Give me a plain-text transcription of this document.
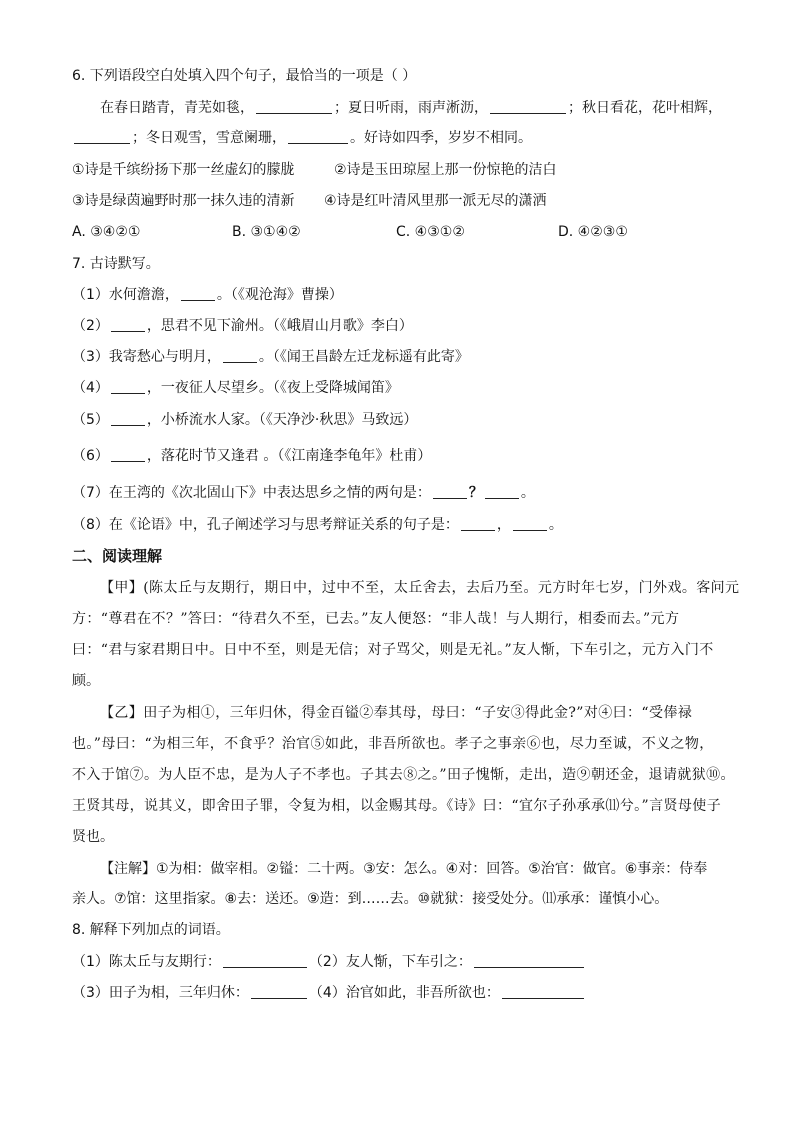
6. 下列语段空白处填入四个句子，最恰当的一项是（ ）
在春日踏青，青芜如毯，	；夏日听雨，雨声淅沥，	；秋日看花，花叶相辉，
；冬日观雪，雪意阑珊，	。好诗如四季，岁岁不相同。
①诗是千缤纷扬下那一丝虚幻的朦胧	②诗是玉田琼屋上那一份惊艳的洁白
③诗是绿茵遍野时那一抹久违的清新 ④诗是红叶清风里那一派无尽的潇洒
A. ③④②①	B. ③①④②	C. ④③①②	D. ④②③①
7. 古诗默写。
（1）水何澹澹，	。（《观沧海》曹操）
（2）	，思君不见下渝州。（《峨眉山月歌》李白）
（3）我寄愁心与明月，	。（《闻王昌龄左迁龙标遥有此寄》
（4）	，一夜征人尽望乡。（《夜上受降城闻笛》
（5）	，小桥流水人家。（《天净沙·秋思》马致远）
（6）	，落花时节又逢君 。（《江南逢李龟年》杜甫）
（7）在王湾的《次北固山下》中表达思乡之情的两句是：	？	。
（8）在《论语》中，孔子阐述学习与思考辩证关系的句子是：	，	。
二、阅读理解
【甲】(陈太丘与友期行，期日中，过中不至，太丘舍去，去后乃至。元方时年七岁，门外戏。客问元
方：“尊君在不？”答曰：“待君久不至，已去。”友人便怒：“非人哉！与人期行，相委而去。”元方
曰：“君与家君期日中。日中不至，则是无信；对子骂父，则是无礼。”友人惭，下车引之，元方入门不
顾。
【乙】田子为相①，三年归休，得金百镒②奉其母，母曰：“子安③得此金?”对④曰：“受俸禄
也。”母曰：“为相三年，不食乎？治官⑤如此，非吾所欲也。孝子之事亲⑥也，尽力至诚，不义之物，
不入于馆⑦。为人臣不忠，是为人子不孝也。子其去⑧之。”田子愧惭，走出，造⑨朝还金，退请就狱⑩。
王贤其母，说其义，即舍田子罪，令复为相，以金赐其母。《诗》曰：“宜尔子孙承承⑾兮。”言贤母使子
贤也。
【注解】①为相：做宰相。②镒：二十两。③安：怎么。④对：回答。⑤治官：做官。⑥事亲：侍奉
亲人。⑦馆：这里指家。⑧去：送还。⑨造：到……去。⑩就狱：接受处分。⑾承承：谨慎小心。
8. 解释下列加点的词语。
（1）陈太丘与友期行：	（2）友人惭，下车引之：
（3）田子为相，三年归休：	（4）治官如此，非吾所欲也：
